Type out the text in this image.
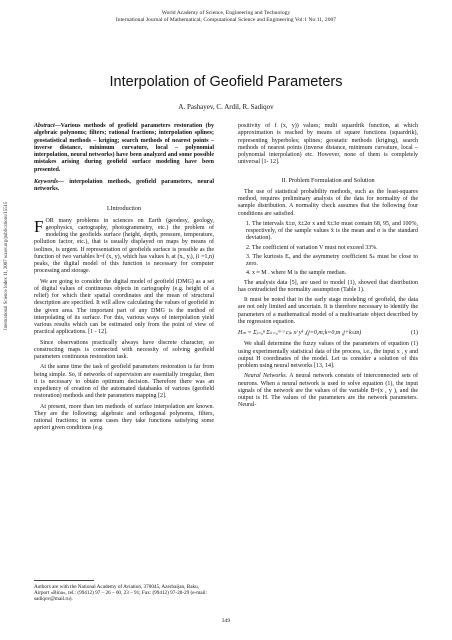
World Academy of Science, Engineering and Technology
International Journal of Mathematical, Computational Science and Engineering Vol:1 No:11, 2007
Interpolation of Geofield Parameters
A. Pashayev, C. Ardil, R. Sadiqov
International Science Index 11, 2007 waset.org/publications/15515

Abstract—Various methods of geofield parameters restoration (by algebraic polynoms; filters; rational fractions; interpolation splines; geostatistical methods – kriging; search methods of nearest points – inverse distance, minimum curvature, local – polynomial interpolation, neural networks) have been analyzed and some possible mistakes arising during geofield surface modeling have been presented.

Keywords— interpolation methods, geofield parameters, neural networks.

I.Introduction

FOR many problems in sciences on Earth (geodesy, geology, geophysics, cartography, photogrammetry, etc.) the problem of modeling the geofields surface (height, depth, pressure, temperature, pollution factor, etc.), that is usually displayed on maps by means of isolines, is urgent. If representation of geofields surface is possible as the function of two variables h=f (x, y), which has values hᵢ at (xᵢ, yᵢ), (i =1,n) peaks, the digital model of this function is necessary for computer processing and storage.

We are going to consider the digital model of geofield (DMG) as a set of digital values of continuous objects in cartography (e.g. height of a relief) for which their spatial coordinates and the mean of structural description are specified. It will allow calculating the values of geofield in the given area. The important part of any DMG is the method of interpolating of its surface. For this, various ways of interpolation yield various results which can be estimated only from the point of view of practical applications. [1 - 12].

Since observations practically always have discrete character, so constructing maps is connected with necessity of solving geofield parameters continuous restoration task.

At the same time the task of geofield parameters restoration is far from being simple. So, if networks of supervision are essentially irregular, then it is necessary to obtain optimum decision. Therefore there was an expediency of creation of the automated databanks of various (geofield restoration) methods and their parameters mapping [2].

At present, more than ten methods of surface interpolation are known. They are the following; algebraic and orthogonal polynoms, filters, rational fractions; in some cases they take functions satisfying some apriori given conditions (e.g.

Authors are with the National Academy of Aviation, 370045, Azerbaijan, Baku, Airport «Bina», tel.: (99412) 97 – 26 – 00, 23 – 91; Fax: (99412) 97-28-29 (e-mail: sadiqov@mail.ru).

positivity of f (x, y)) values; multi squardrik function, at which approximation is reached by means of square functions (squardrik), representing hyperboles; splines; geostatic methods (kriging), search methods of nearest points (inverse distance, minimum curvature, local – polynomial interpolation) etc. However, none of them is completely universal [1- 12].

II. Problem Formulation and Solution

The use of statistical probability methods, such as the least-squares method, requires preliminary analysis of the data for normality of the sample distribution. A normality check assumes that the following four conditions are satisfied.

1. The intervals x̄±σ, x̄±2σ x and x̄±3σ must contain 68, 95, and 100%, respectively, of the sample values x̄ is the mean and σ is the standard deviation).
2. The coefficient of variation V must not exceed 33%.
3. The kurtosis Eₓ and the asymmetry coefficient Sₖ must be close to zero.
4. x ≈ M . where M is the sample median.

The analysis data [5], are used to model (1), showed that distribution has contradicted the normality assumption (Table 1).

It must be noted that in the early stage modeling of geofield, the data are not only limited and uncertain. It is therefore necessary to identify the parameters of a mathematical model of a multivariate object described by the regression equation.

Hₘ = Σⱼ₌₀ⁿ Σₖ₌₀ᵐ⁻ʲ cⱼₖ xʲ yᵏ ,(j=0,m;k=0,m ,j+k≤m)	(1)

We shall determine the fuzzy values of the parameters of equation (1) using experimentally statistical data of the process, i.e., the input x , y and output H coordinates of the model. Let us consider a solution of this problem using neural networks [13, 14].

Neural Networks. A neural network consists of interconnected sets of neurons. When a neural network is used to solve equation (1), the input signals of the network are the values of the variable B=(x , y ), and the output is H. The values of the parameters are the network parameters. Neural-

349
